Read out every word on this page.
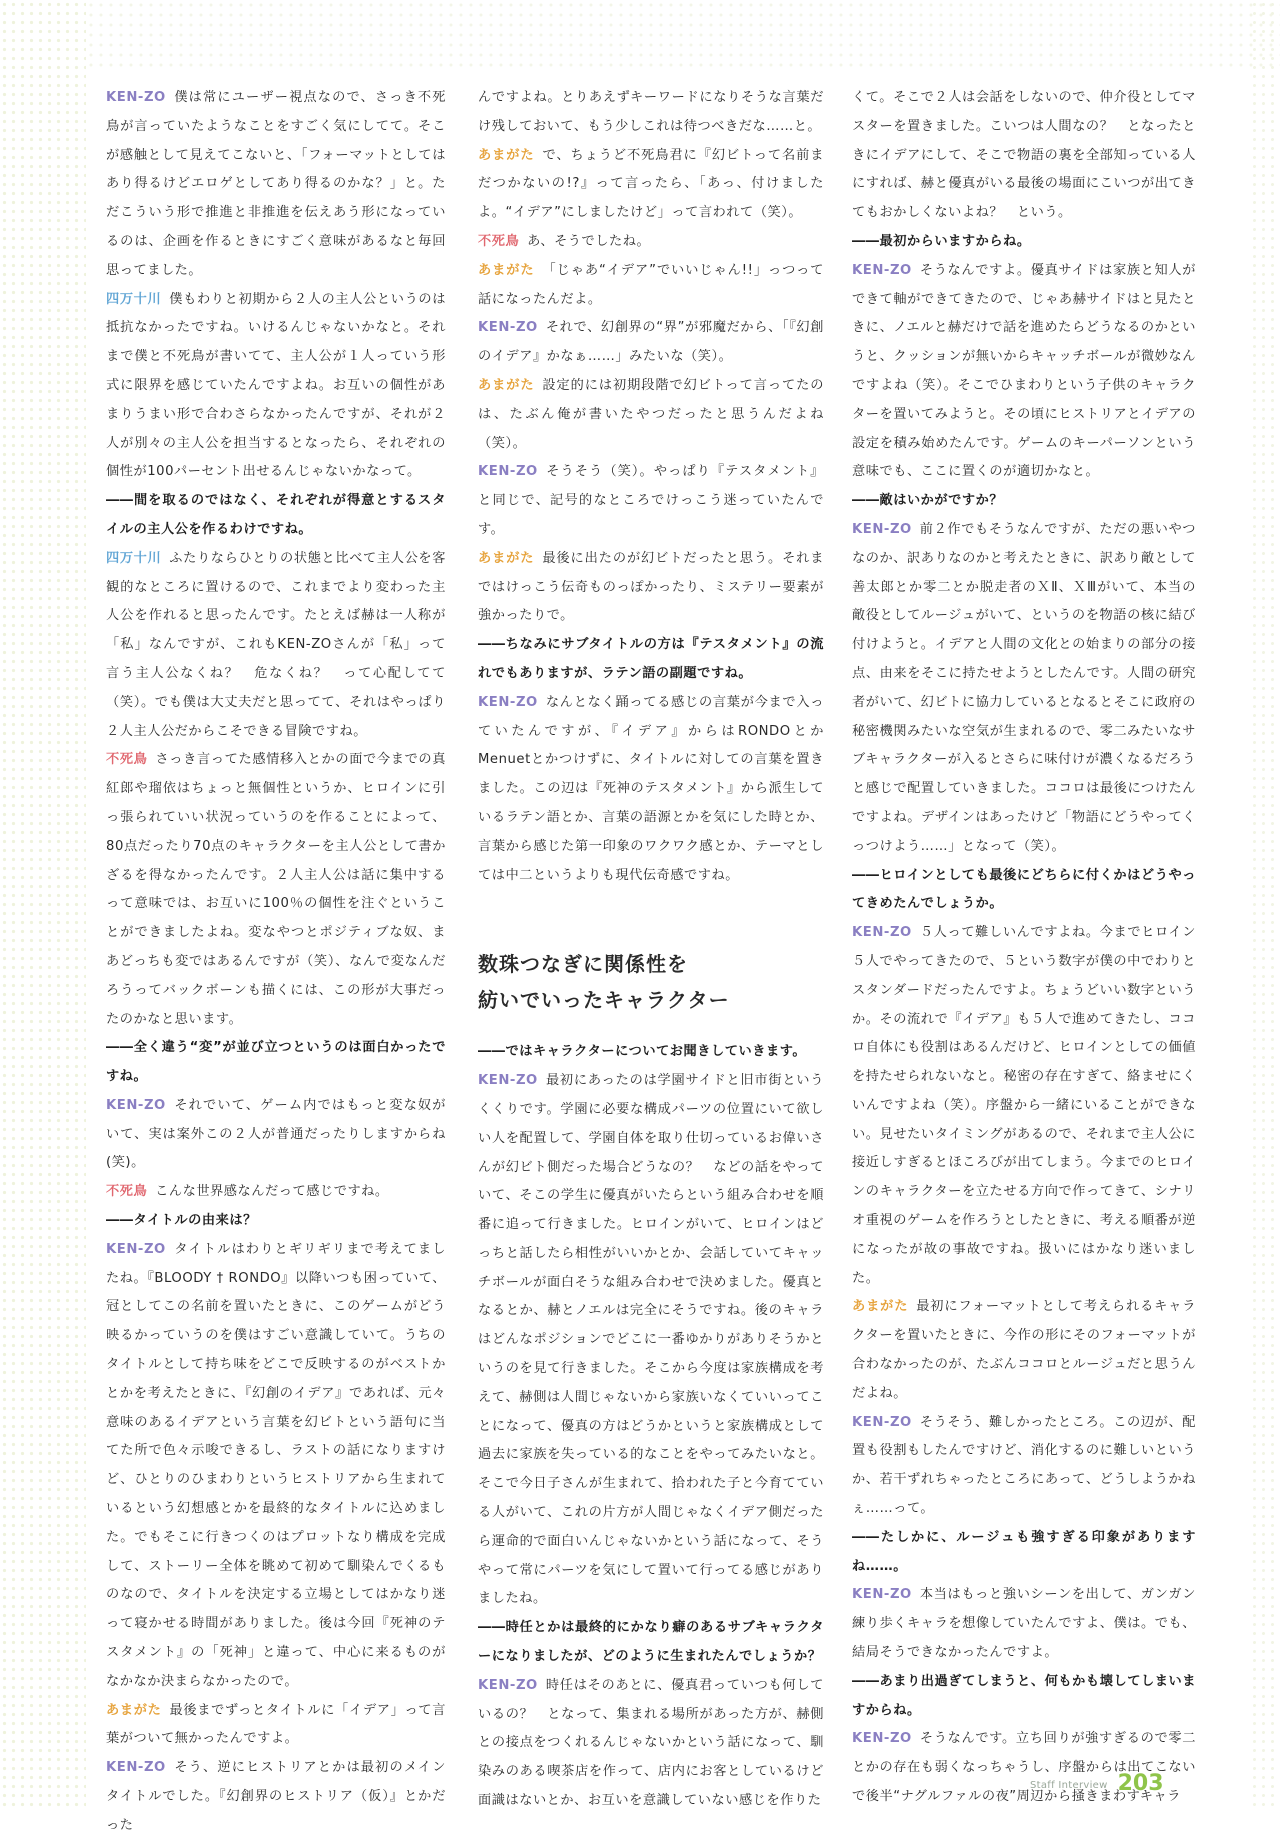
KEN-ZO 僕は常にユーザー視点なので、さっき不死鳥が言っていたようなことをすごく気にしてて。そこが感触として見えてこないと、「フォーマットとしてはあり得るけどエロゲとしてあり得るのかな？」と。ただこういう形で推進と非推進を伝えあう形になっているのは、企画を作るときにすごく意味があるなと毎回思ってました。

四万十川 僕もわりと初期から２人の主人公というのは抵抗なかったですね。いけるんじゃないかなと。それまで僕と不死鳥が書いてて、主人公が１人っていう形式に限界を感じていたんですよね。お互いの個性があまりうまい形で合わさらなかったんですが、それが２人が別々の主人公を担当するとなったら、それぞれの個性が100パーセント出せるんじゃないかなって。

――間を取るのではなく、それぞれが得意とするスタイルの主人公を作るわけですね。

四万十川 ふたりならひとりの状態と比べて主人公を客観的なところに置けるので、これまでより変わった主人公を作れると思ったんです。たとえば赫は一人称が「私」なんですが、これもKEN-ZOさんが「私」って言う主人公なくね？　危なくね？　って心配してて（笑）。でも僕は大丈夫だと思ってて、それはやっぱり２人主人公だからこそできる冒険ですね。

不死鳥 さっき言ってた感情移入とかの面で今までの真紅郎や瑠依はちょっと無個性というか、ヒロインに引っ張られていい状況っていうのを作ることによって、80点だったり70点のキャラクターを主人公として書かざるを得なかったんです。２人主人公は話に集中するって意味では、お互いに100％の個性を注ぐということができましたよね。変なやつとポジティブな奴、まあどっちも変ではあるんですが（笑）、なんで変なんだろうってバックボーンも描くには、この形が大事だったのかなと思います。

――全く違う“変”が並び立つというのは面白かったですね。

KEN-ZO それでいて、ゲーム内ではもっと変な奴がいて、実は案外この２人が普通だったりしますからね(笑)。

不死鳥 こんな世界感なんだって感じですね。

――タイトルの由来は？

KEN-ZO タイトルはわりとギリギリまで考えてましたね。『BLOODY † RONDO』以降いつも困っていて、冠としてこの名前を置いたときに、このゲームがどう映るかっていうのを僕はすごい意識していて。うちのタイトルとして持ち味をどこで反映するのがベストかとかを考えたときに、『幻創のイデア』であれば、元々意味のあるイデアという言葉を幻ビトという語句に当てた所で色々示唆できるし、ラストの話になりますけど、ひとりのひまわりというヒストリアから生まれているという幻想感とかを最終的なタイトルに込めました。でもそこに行きつくのはプロットなり構成を完成して、ストーリー全体を眺めて初めて馴染んでくるものなので、タイトルを決定する立場としてはかなり迷って寝かせる時間がありました。後は今回『死神のテスタメント』の「死神」と違って、中心に来るものがなかなか決まらなかったので。

あまがた 最後までずっとタイトルに「イデア」って言葉がついて無かったんですよ。

KEN-ZO そう、逆にヒストリアとかは最初のメインタイトルでした。『幻創界のヒストリア（仮）』とかだった

んですよね。とりあえずキーワードになりそうな言葉だけ残しておいて、もう少しこれは待つべきだな……と。

あまがた で、ちょうど不死鳥君に『幻ビトって名前まだつかないの!?』って言ったら、「あっ、付けましたよ。“イデア”にしましたけど」って言われて（笑）。

不死鳥 あ、そうでしたね。

あまがた 「じゃあ“イデア”でいいじゃん!!」っつって話になったんだよ。

KEN-ZO それで、幻創界の“界”が邪魔だから、「『幻創のイデア』かなぁ……」みたいな（笑）。

あまがた 設定的には初期段階で幻ビトって言ってたのは、たぶん俺が書いたやつだったと思うんだよね（笑）。

KEN-ZO そうそう（笑）。やっぱり『テスタメント』と同じで、記号的なところでけっこう迷っていたんです。

あまがた 最後に出たのが幻ビトだったと思う。それまではけっこう伝奇ものっぽかったり、ミステリー要素が強かったりで。

――ちなみにサブタイトルの方は『テスタメント』の流れでもありますが、ラテン語の副題ですね。

KEN-ZO なんとなく踊ってる感じの言葉が今まで入っていたんですが、『イデア』からはRONDOとかMenuetとかつけずに、タイトルに対しての言葉を置きました。この辺は『死神のテスタメント』から派生しているラテン語とか、言葉の語源とかを気にした時とか、言葉から感じた第一印象のワクワク感とか、テーマとしては中二というよりも現代伝奇感ですね。

数珠つなぎに関係性を
紡いでいったキャラクター

――ではキャラクターについてお聞きしていきます。

KEN-ZO 最初にあったのは学園サイドと旧市街というくくりです。学園に必要な構成パーツの位置にいて欲しい人を配置して、学園自体を取り仕切っているお偉いさんが幻ビト側だった場合どうなの？　などの話をやっていて、そこの学生に優真がいたらという組み合わせを順番に追って行きました。ヒロインがいて、ヒロインはどっちと話したら相性がいいかとか、会話していてキャッチボールが面白そうな組み合わせで決めました。優真となるとか、赫とノエルは完全にそうですね。後のキャラはどんなポジションでどこに一番ゆかりがありそうかというのを見て行きました。そこから今度は家族構成を考えて、赫側は人間じゃないから家族いなくていいってことになって、優真の方はどうかというと家族構成として過去に家族を失っている的なことをやってみたいなと。そこで今日子さんが生まれて、拾われた子と今育てている人がいて、これの片方が人間じゃなくイデア側だったら運命的で面白いんじゃないかという話になって、そうやって常にパーツを気にして置いて行ってる感じがありましたね。

――時任とかは最終的にかなり癖のあるサブキャラクターになりましたが、どのように生まれたんでしょうか？

KEN-ZO 時任はそのあとに、優真君っていつも何しているの？　となって、集まれる場所があった方が、赫側との接点をつくれるんじゃないかという話になって、馴染みのある喫茶店を作って、店内にお客としているけど面識はないとか、お互いを意識していない感じを作りた

くて。そこで２人は会話をしないので、仲介役としてマスターを置きました。こいつは人間なの？　となったときにイデアにして、そこで物語の裏を全部知っている人にすれば、赫と優真がいる最後の場面にこいつが出てきてもおかしくないよね？　という。

――最初からいますからね。

KEN-ZO そうなんですよ。優真サイドは家族と知人ができて軸ができてきたので、じゃあ赫サイドはと見たときに、ノエルと赫だけで話を進めたらどうなるのかというと、クッションが無いからキャッチボールが微妙なんですよね（笑）。そこでひまわりという子供のキャラクターを置いてみようと。その頃にヒストリアとイデアの設定を積み始めたんです。ゲームのキーパーソンという意味でも、ここに置くのが適切かなと。

――敵はいかがですか？

KEN-ZO 前２作でもそうなんですが、ただの悪いやつなのか、訳ありなのかと考えたときに、訳あり敵として善太郎とか零二とか脱走者のＸⅡ、ＸⅢがいて、本当の敵役としてルージュがいて、というのを物語の核に結び付けようと。イデアと人間の文化との始まりの部分の接点、由来をそこに持たせようとしたんです。人間の研究者がいて、幻ビトに協力しているとなるとそこに政府の秘密機関みたいな空気が生まれるので、零二みたいなサブキャラクターが入るとさらに味付けが濃くなるだろうと感じで配置していきました。ココロは最後につけたんですよね。デザインはあったけど「物語にどうやってくっつけよう……」となって（笑）。

――ヒロインとしても最後にどちらに付くかはどうやってきめたんでしょうか。

KEN-ZO ５人って難しいんですよね。今までヒロイン５人でやってきたので、５という数字が僕の中でわりとスタンダードだったんですよ。ちょうどいい数字というか。その流れで『イデア』も５人で進めてきたし、ココロ自体にも役割はあるんだけど、ヒロインとしての価値を持たせられないなと。秘密の存在すぎて、絡ませにくいんですよね（笑）。序盤から一緒にいることができない。見せたいタイミングがあるので、それまで主人公に接近しすぎるとほころびが出てしまう。今までのヒロインのキャラクターを立たせる方向で作ってきて、シナリオ重視のゲームを作ろうとしたときに、考える順番が逆になったが故の事故ですね。扱いにはかなり迷いました。

あまがた 最初にフォーマットとして考えられるキャラクターを置いたときに、今作の形にそのフォーマットが合わなかったのが、たぶんココロとルージュだと思うんだよね。

KEN-ZO そうそう、難しかったところ。この辺が、配置も役割もしたんですけど、消化するのに難しいというか、若干ずれちゃったところにあって、どうしようかねぇ……って。

――たしかに、ルージュも強すぎる印象がありますね……。

KEN-ZO 本当はもっと強いシーンを出して、ガンガン練り歩くキャラを想像していたんですよ、僕は。でも、結局そうできなかったんですよ。

――あまり出過ぎてしまうと、何もかも壊してしまいますからね。

KEN-ZO そうなんです。立ち回りが強すぎるので零二とかの存在も弱くなっちゃうし、序盤からは出てこないで後半“ナグルファルの夜”周辺から掻きまわすキャラ

Staff Interview 203
